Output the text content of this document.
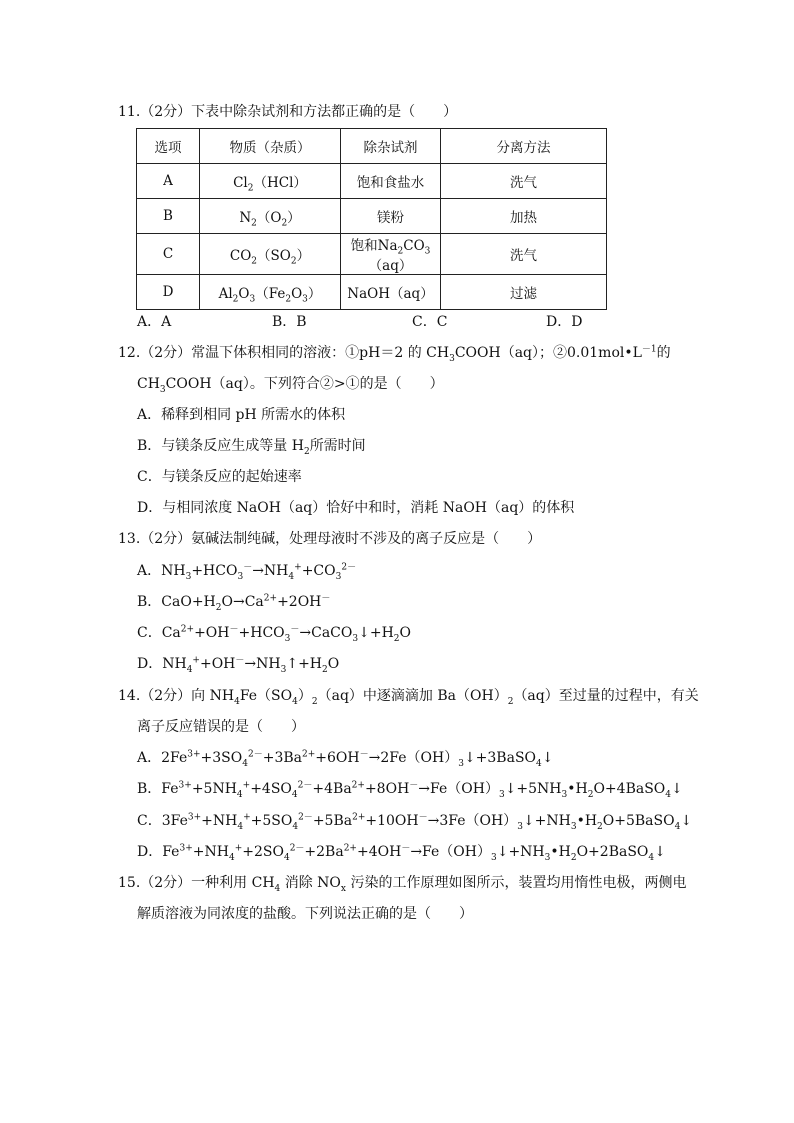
11.（2分）下表中除杂试剂和方法都正确的是（　　）
选项	物质（杂质）	除杂试剂	分离方法
A	$Cl_2(HCl)$	饱和食盐水	洗气
B	$N_2(O_2)$	镁粉	加热
C	$CO_2(SO_2)$	饱和$Na_2CO_3(aq)$	洗气
D	$Al_2O_3(Fe_2O_3)$	NaOH（aq）	过滤
A．A	B．B	C．C	D．D
12.（2分）常温下体积相同的溶液：①pH＝2 的 $CH_3COOH(aq)$；$②0.01mol•L^{-1}$的
$CH_3COOH(aq)$。下列符合②>①的是（　　）
A．稀释到相同 pH 所需水的体积
B．与镁条反应生成等量 $H_2$所需时间
C．与镁条反应的起始速率
D．与相同浓度 NaOH（aq）恰好中和时，消耗 NaOH（aq）的体积
13.（2分）氨碱法制纯碱，处理母液时不涉及的离子反应是（　　）
A．$NH_3+HCO_3^-\to NH_4^++CO_3^{2-}$
B．$CaO+H_2O\to Ca^{2+}+2OH^-$
C．$Ca^{2+}+OH^-+HCO_3^-\to CaCO_3↓+H_2O$
D．$NH_4^++OH^-\to NH_3↑+H_2O$
14.（2分）向 $NH_4Fe(SO_4)_2(aq)$中逐滴滴加 $Ba(OH)_2(aq)$至过量的过程中，有关
离子反应错误的是（　　）
A．$2Fe^{3+}+3SO_4^{2-}+3Ba^{2+}+6OH^-\to 2Fe(OH)_3↓+3BaSO_4↓$
B．$Fe^{3+}+5NH_4^++4SO_4^{2-}+4Ba^{2+}+8OH^-\to Fe(OH)_3↓+5NH_3•H_2O+4BaSO_4↓$
C．$3Fe^{3+}+NH_4^++5SO_4^{2-}+5Ba^{2+}+10OH^-\to 3Fe(OH)_3↓+NH_3•H_2O+5BaSO_4↓$
D．$Fe^{3+}+NH_4^++2SO_4^{2-}+2Ba^{2+}+4OH^-\to Fe(OH)_3↓+NH_3•H_2O+2BaSO_4↓$
15.（2分）一种利用 $CH_4$ 消除 $NO_x$ 污染的工作原理如图所示，装置均用惰性电极，两侧电
解质溶液为同浓度的盐酸。下列说法正确的是（　　）
